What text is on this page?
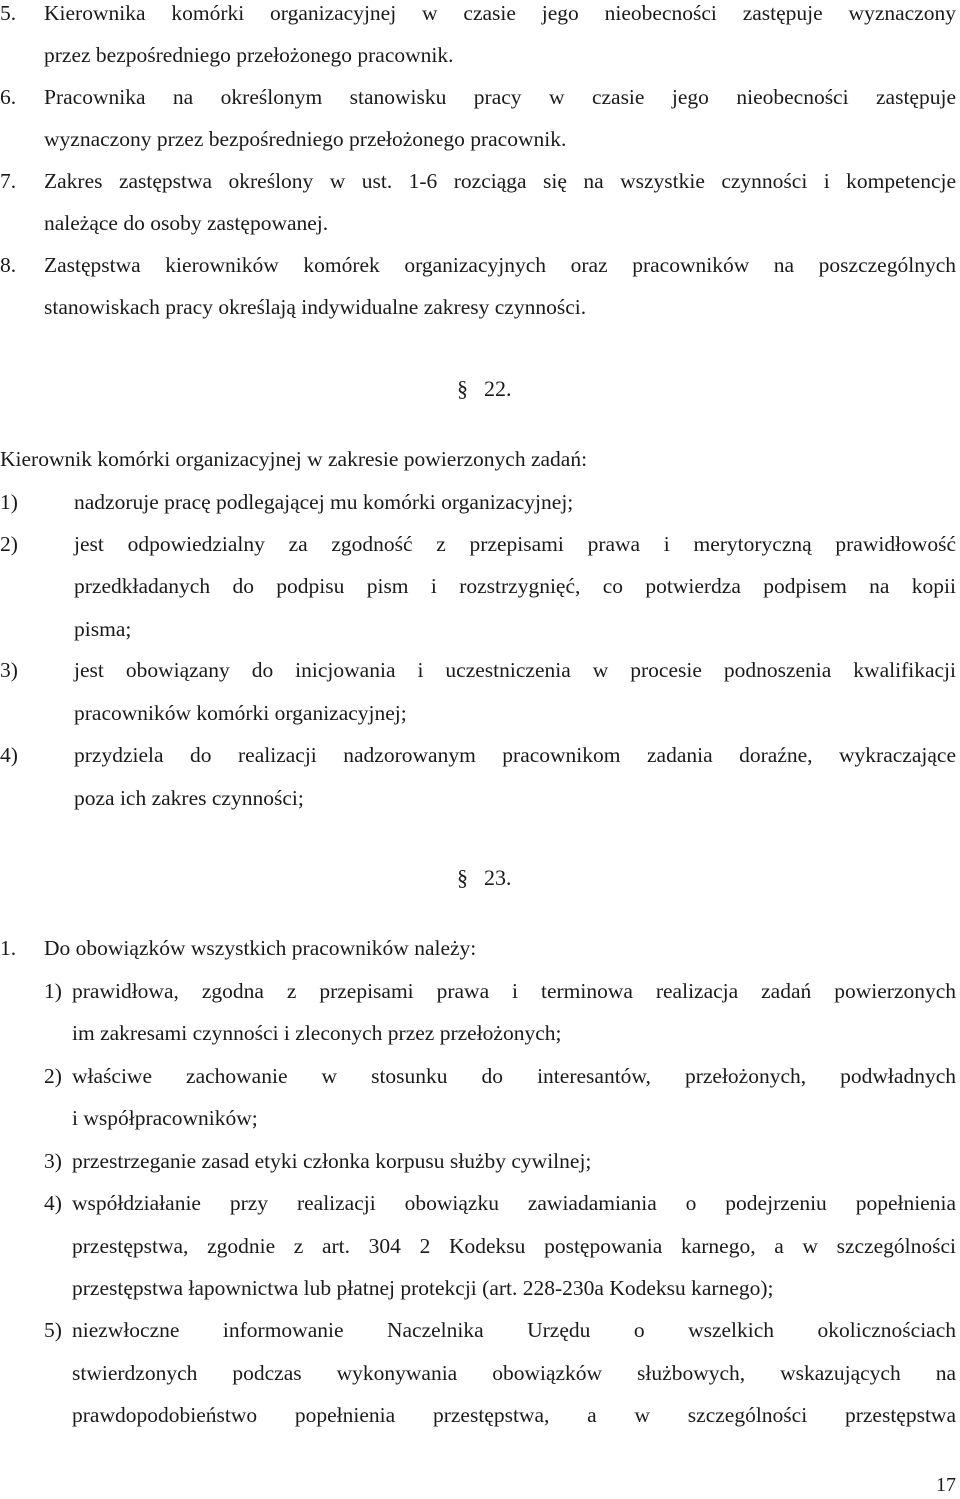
5. Kierownika komórki organizacyjnej w czasie jego nieobecności zastępuje wyznaczony
przez bezpośredniego przełożonego pracownik.
6. Pracownika na określonym stanowisku pracy w czasie jego nieobecności zastępuje
wyznaczony przez bezpośredniego przełożonego pracownik.
7. Zakres zastępstwa określony w ust. 1-6 rozciąga się na wszystkie czynności i kompetencje
należące do osoby zastępowanej.
8. Zastępstwa kierowników komórek organizacyjnych oraz pracowników na poszczególnych
stanowiskach pracy określają indywidualne zakresy czynności.
§ 22.
Kierownik komórki organizacyjnej w zakresie powierzonych zadań:
1)	nadzoruje pracę podlegającej mu komórki organizacyjnej;
2)	jest odpowiedzialny za zgodność z przepisami prawa i merytoryczną prawidłowość
przedkładanych do podpisu pism i rozstrzygnięć, co potwierdza podpisem na kopii
pisma;
3)	jest obowiązany do inicjowania i uczestniczenia w procesie podnoszenia kwalifikacji
pracowników komórki organizacyjnej;
4)	przydziela do realizacji nadzorowanym pracownikom zadania doraźne, wykraczające
poza ich zakres czynności;
§ 23.
1. Do obowiązków wszystkich pracowników należy:
1) prawidłowa, zgodna z przepisami prawa i terminowa realizacja zadań powierzonych
im zakresami czynności i zleconych przez przełożonych;
2) właściwe zachowanie w stosunku do interesantów, przełożonych, podwładnych
i współpracowników;
3) przestrzeganie zasad etyki członka korpusu służby cywilnej;
4) współdziałanie przy realizacji obowiązku zawiadamiania o podejrzeniu popełnienia
przestępstwa, zgodnie z art. 304 2 Kodeksu postępowania karnego, a w szczególności
przestępstwa łapownictwa lub płatnej protekcji (art. 228-230a Kodeksu karnego);
5) niezwłoczne informowanie Naczelnika Urzędu o wszelkich okolicznościach
stwierdzonych podczas wykonywania obowiązków służbowych, wskazujących na
prawdopodobieństwo popełnienia przestępstwa, a w szczególności przestępstwa
17
